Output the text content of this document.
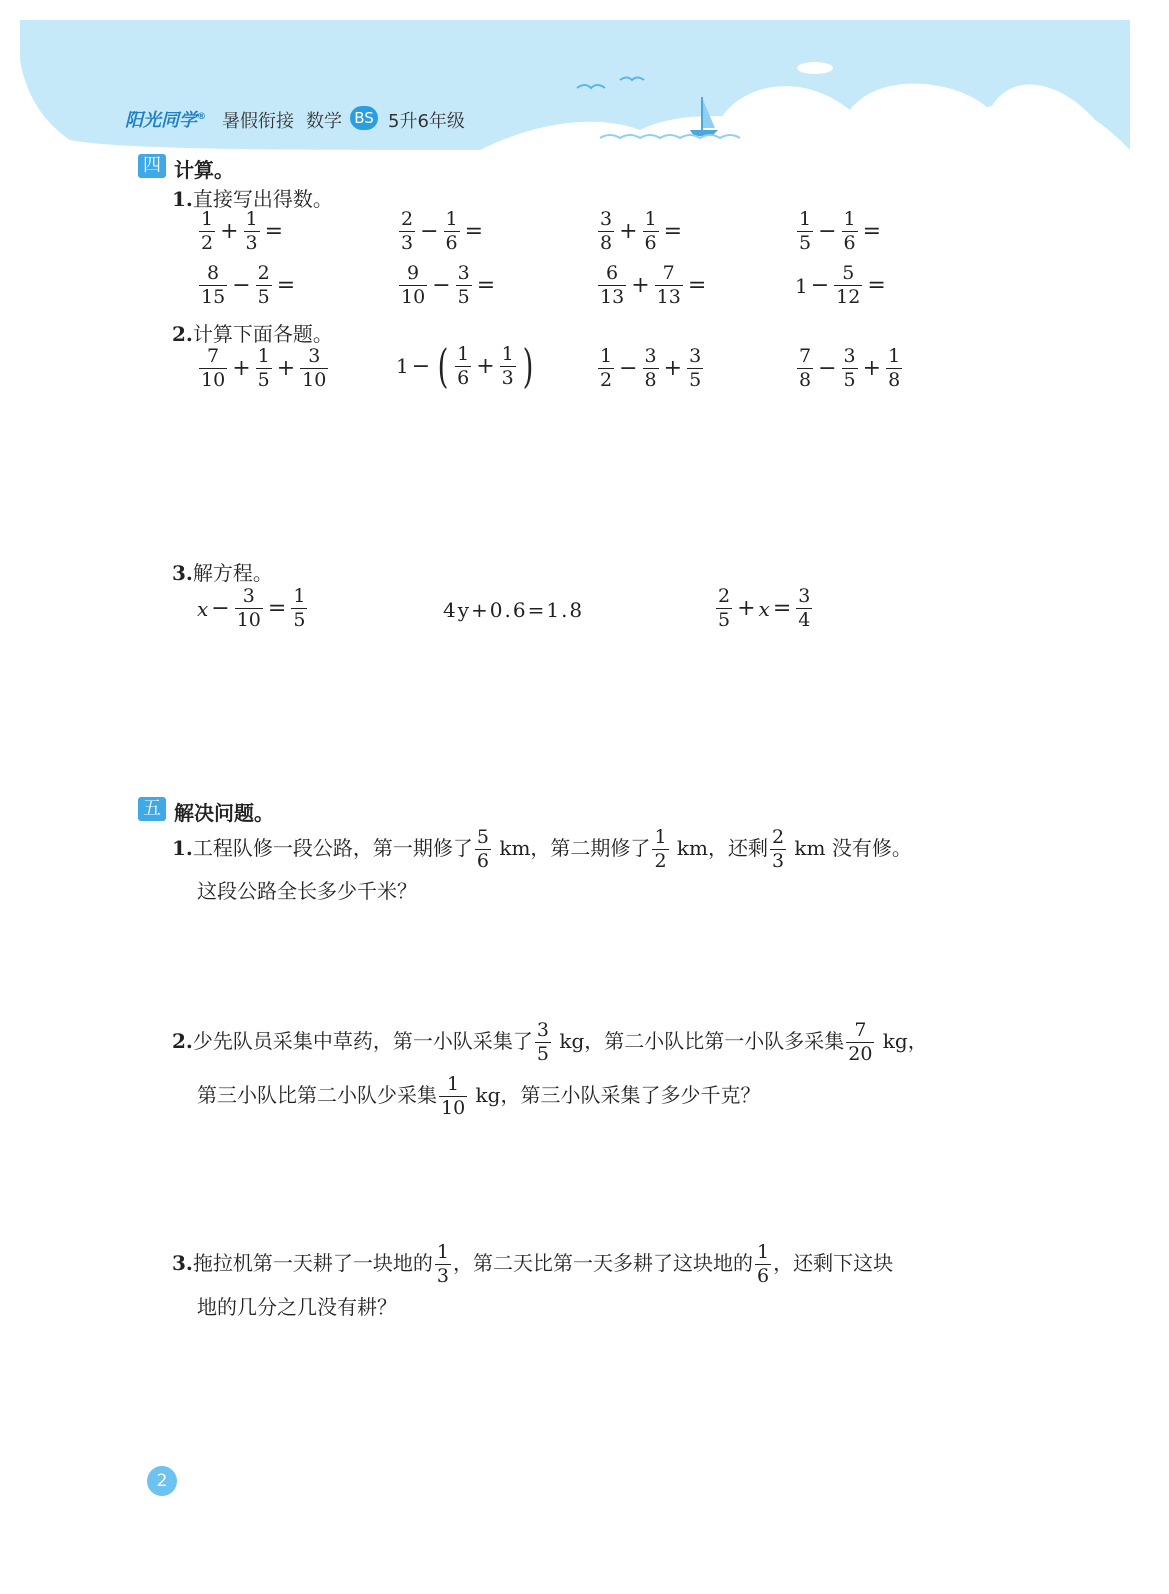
阳光同学® 暑假衔接 数学 BS 5升6年级
四 计算。
1.直接写出得数。
$\frac{1}{2} + \frac{1}{3}$ =	$\frac{2}{3} - \frac{1}{6}$ =	$\frac{3}{8} + \frac{1}{6}$ =	$\frac{1}{5} - \frac{1}{6}$ =
$\frac{8}{15} - \frac{2}{5}$ =	$\frac{9}{10} - \frac{3}{5}$ =	$\frac{6}{13} + \frac{7}{13}$ =	$1 - \frac{5}{12}$ =
2.计算下面各题。
$\frac{7}{10} + \frac{1}{5} + \frac{3}{10}$	1 − ( $\frac{1}{6} + \frac{1}{3}$ )	$\frac{1}{2} - \frac{3}{8} + \frac{3}{5}$	$\frac{7}{8} - \frac{3}{5} + \frac{1}{8}$
3.解方程。
$x - \frac{3}{10} = \frac{1}{5}$	4y+0.6=1.8	$\frac{2}{5} + x = \frac{3}{4}$
五 解决问题。
1.工程队修一段公路，第一期修了 $\frac{5}{6}$ km，第二期修了 $\frac{1}{2}$ km，还剩 $\frac{2}{3}$ km 没有修。
这段公路全长多少千米？
2.少先队员采集中草药，第一小队采集了 $\frac{3}{5}$ kg，第二小队比第一小队多采集 $\frac{7}{20}$ kg，
第三小队比第二小队少采集 $\frac{1}{10}$ kg，第三小队采集了多少千克？
3.拖拉机第一天耕了一块地的 $\frac{1}{3}$ ，第二天比第一天多耕了这块地的 $\frac{1}{6}$ ，还剩下这块
地的几分之几没有耕？
2
